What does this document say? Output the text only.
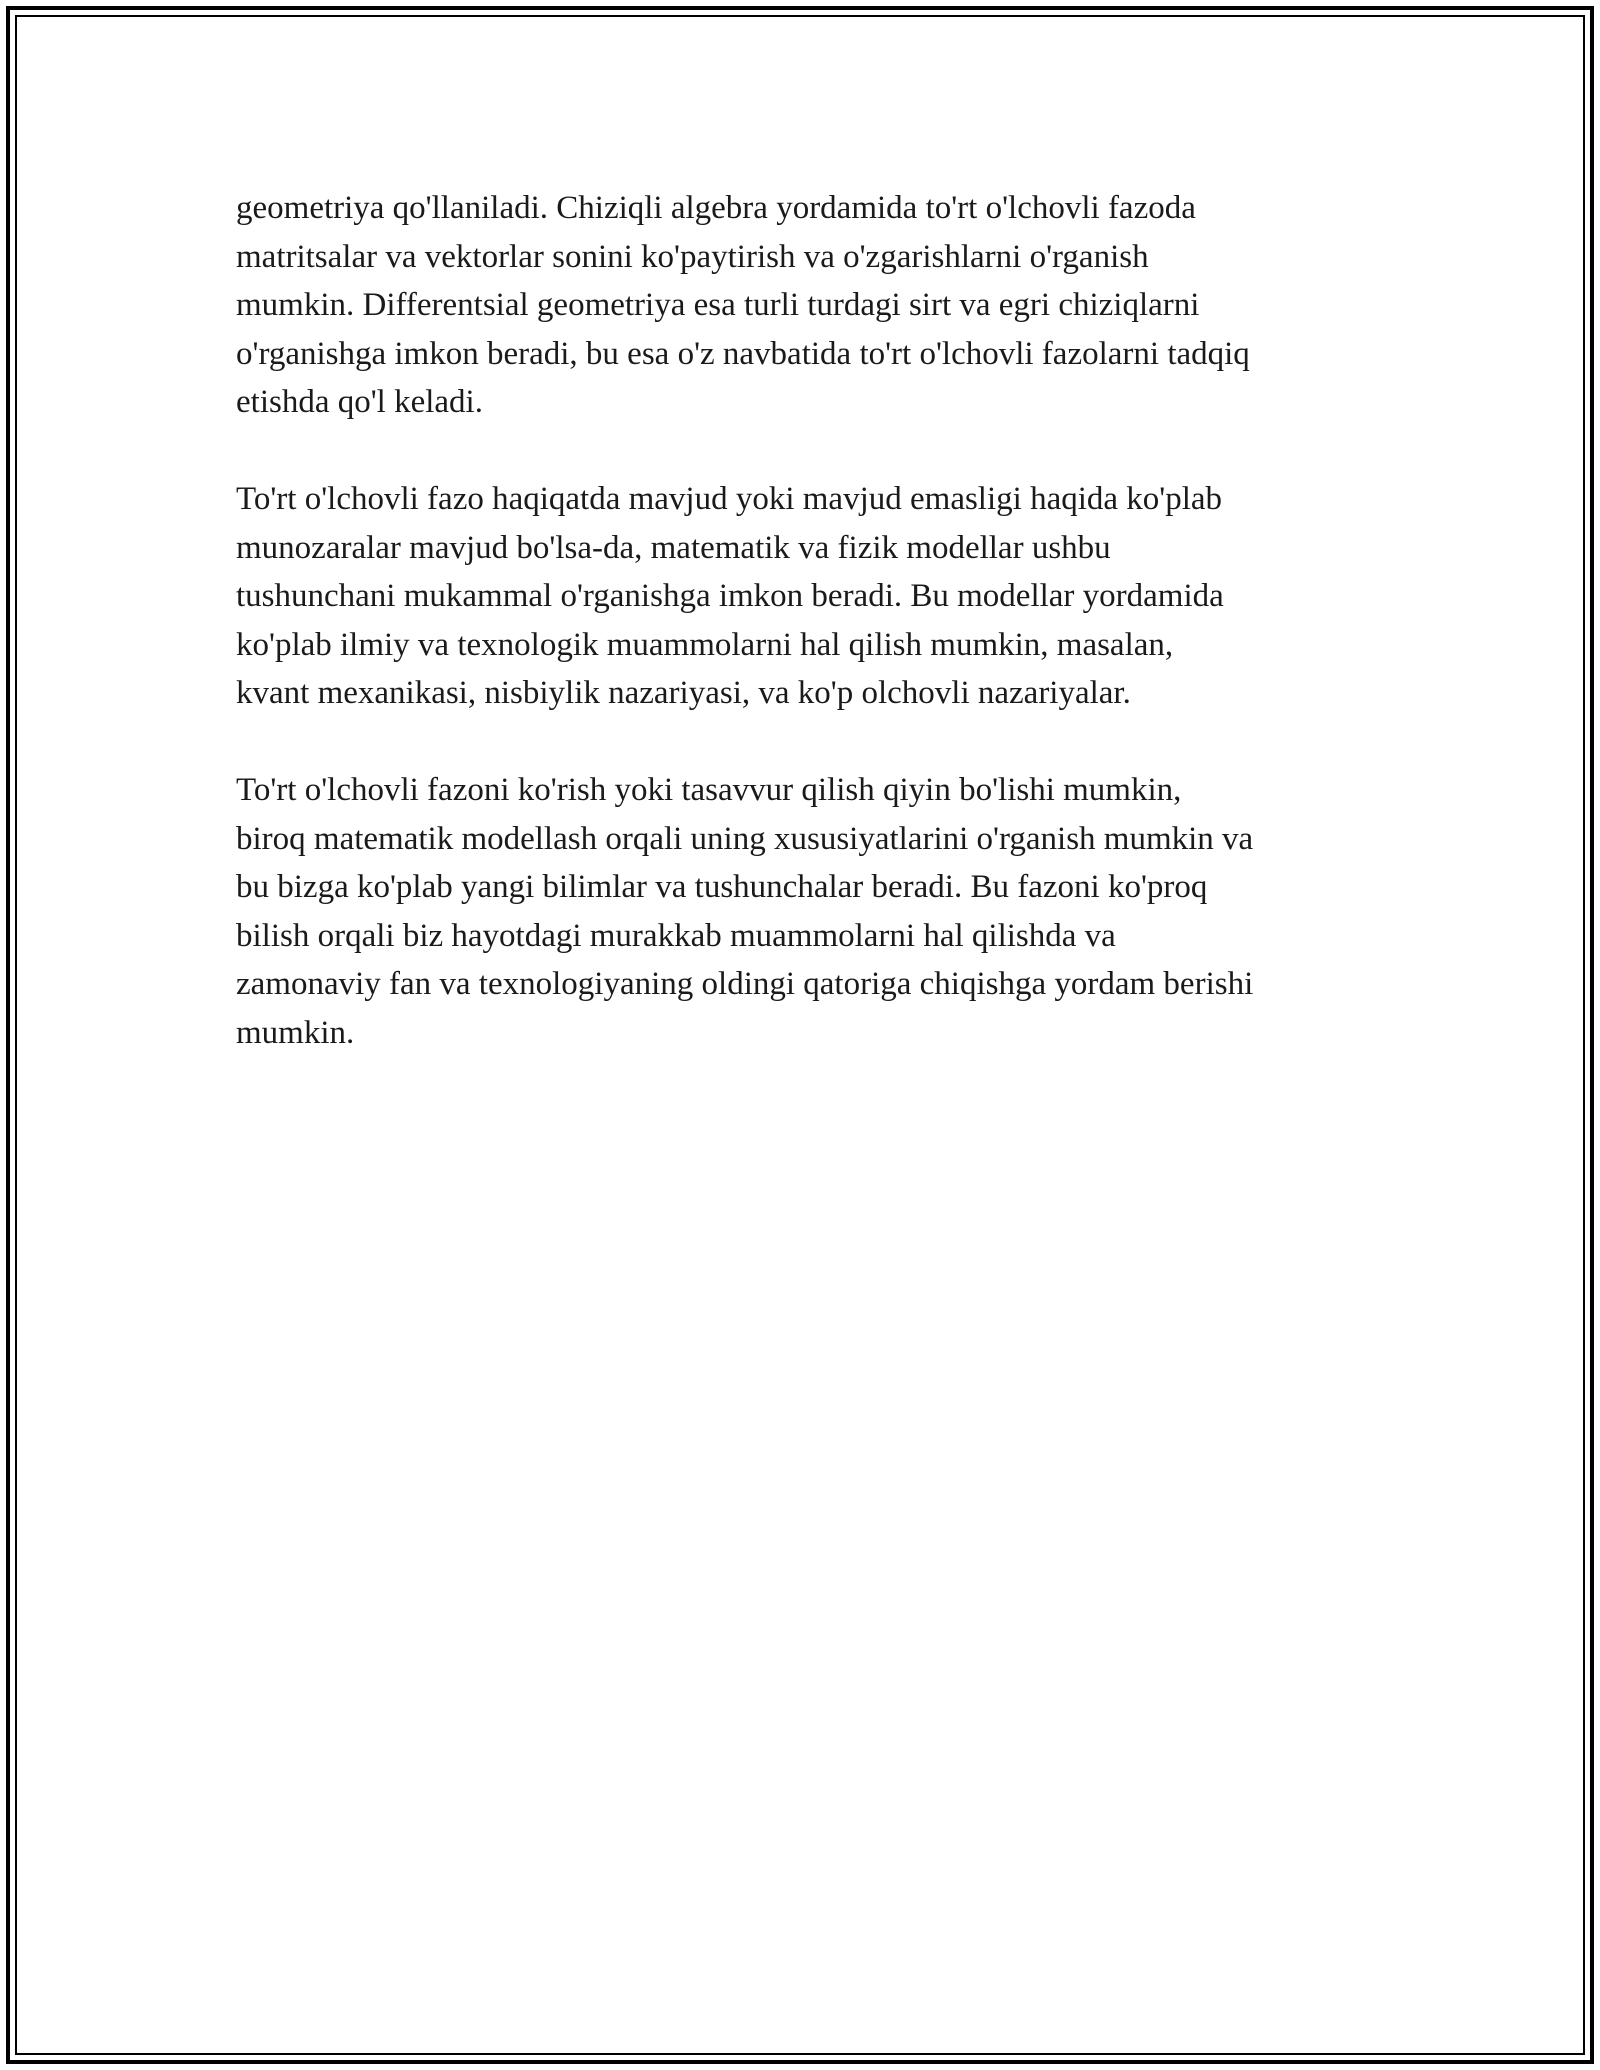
geometriya qo'llaniladi. Chiziqli algebra yordamida to'rt o'lchovli fazoda
matritsalar va vektorlar sonini ko'paytirish va o'zgarishlarni o'rganish
mumkin. Differentsial geometriya esa turli turdagi sirt va egri chiziqlarni
o'rganishga imkon beradi, bu esa o'z navbatida to'rt o'lchovli fazolarni tadqiq
etishda qo'l keladi.

To'rt o'lchovli fazo haqiqatda mavjud yoki mavjud emasligi haqida ko'plab
munozaralar mavjud bo'lsa-da, matematik va fizik modellar ushbu
tushunchani mukammal o'rganishga imkon beradi. Bu modellar yordamida
ko'plab ilmiy va texnologik muammolarni hal qilish mumkin, masalan,
kvant mexanikasi, nisbiylik nazariyasi, va ko'p olchovli nazariyalar.

To'rt o'lchovli fazoni ko'rish yoki tasavvur qilish qiyin bo'lishi mumkin,
biroq matematik modellash orqali uning xususiyatlarini o'rganish mumkin va
bu bizga ko'plab yangi bilimlar va tushunchalar beradi. Bu fazoni ko'proq
bilish orqali biz hayotdagi murakkab muammolarni hal qilishda va
zamonaviy fan va texnologiyaning oldingi qatoriga chiqishga yordam berishi
mumkin.
